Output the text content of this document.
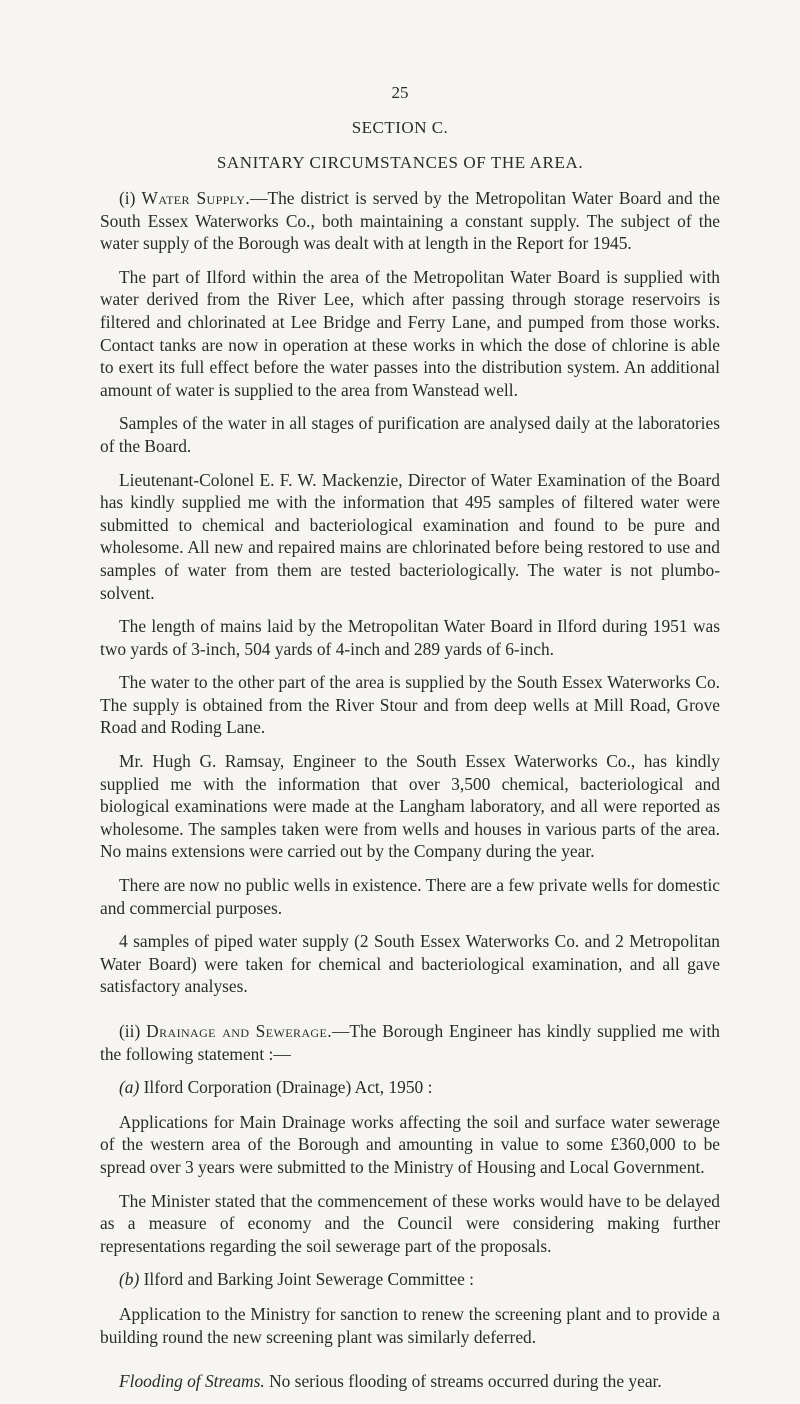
25
SECTION C.
SANITARY CIRCUMSTANCES OF THE AREA.

(i) Water Supply.—The district is served by the Metropolitan Water Board and the South Essex Waterworks Co., both maintaining a constant supply. The subject of the water supply of the Borough was dealt with at length in the Report for 1945.

The part of Ilford within the area of the Metropolitan Water Board is supplied with water derived from the River Lee, which after passing through storage reservoirs is filtered and chlorinated at Lee Bridge and Ferry Lane, and pumped from those works. Contact tanks are now in operation at these works in which the dose of chlorine is able to exert its full effect before the water passes into the distribution system. An additional amount of water is supplied to the area from Wanstead well.

Samples of the water in all stages of purification are analysed daily at the laboratories of the Board.

Lieutenant-Colonel E. F. W. Mackenzie, Director of Water Examination of the Board has kindly supplied me with the information that 495 samples of filtered water were submitted to chemical and bacteriological examination and found to be pure and wholesome. All new and repaired mains are chlorinated before being restored to use and samples of water from them are tested bacteriologically. The water is not plumbo-solvent.

The length of mains laid by the Metropolitan Water Board in Ilford during 1951 was two yards of 3-inch, 504 yards of 4-inch and 289 yards of 6-inch.

The water to the other part of the area is supplied by the South Essex Waterworks Co. The supply is obtained from the River Stour and from deep wells at Mill Road, Grove Road and Roding Lane.

Mr. Hugh G. Ramsay, Engineer to the South Essex Waterworks Co., has kindly supplied me with the information that over 3,500 chemical, bacteriological and biological examinations were made at the Langham laboratory, and all were reported as wholesome. The samples taken were from wells and houses in various parts of the area. No mains extensions were carried out by the Company during the year.

There are now no public wells in existence. There are a few private wells for domestic and commercial purposes.

4 samples of piped water supply (2 South Essex Waterworks Co. and 2 Metropolitan Water Board) were taken for chemical and bacteriological examination, and all gave satisfactory analyses.

(ii) Drainage and Sewerage.—The Borough Engineer has kindly supplied me with the following statement :—

(a) Ilford Corporation (Drainage) Act, 1950 :

Applications for Main Drainage works affecting the soil and surface water sewerage of the western area of the Borough and amounting in value to some £360,000 to be spread over 3 years were submitted to the Ministry of Housing and Local Government.

The Minister stated that the commencement of these works would have to be delayed as a measure of economy and the Council were considering making further representations regarding the soil sewerage part of the proposals.

(b) Ilford and Barking Joint Sewerage Committee :

Application to the Ministry for sanction to renew the screening plant and to provide a building round the new screening plant was similarly deferred.

Flooding of Streams. No serious flooding of streams occurred during the year.
